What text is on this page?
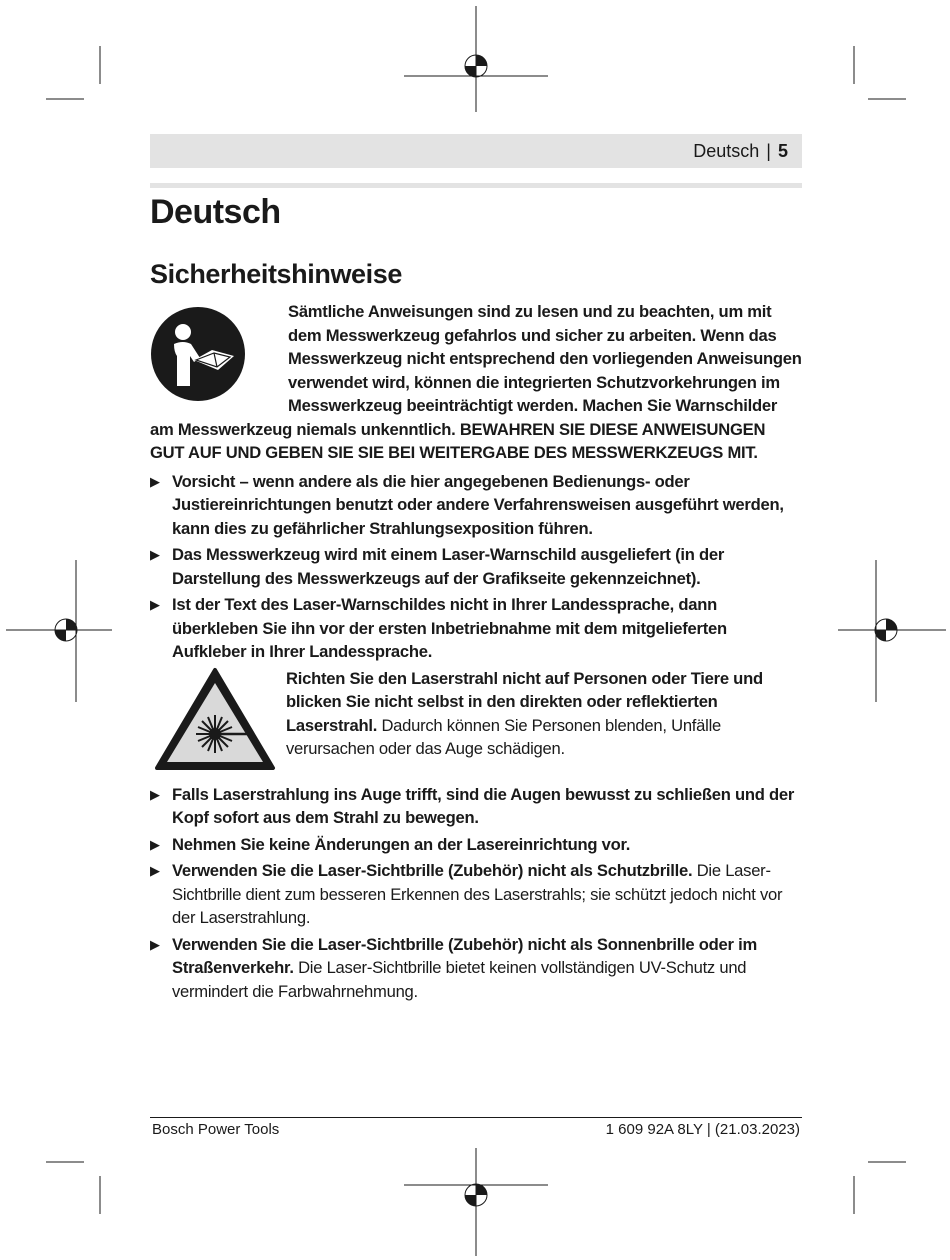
Deutsch | 5
Deutsch
Sicherheitshinweise

Sämtliche Anweisungen sind zu lesen und zu beachten, um mit dem Messwerkzeug gefahrlos und sicher zu arbeiten. Wenn das Messwerkzeug nicht entsprechend den vorliegenden Anweisungen verwendet wird, können die integrierten Schutzvorkehrungen im Messwerkzeug beeinträchtigt werden. Machen Sie Warnschilder am Messwerkzeug niemals unkenntlich. BEWAHREN SIE DIESE ANWEISUNGEN GUT AUF UND GEBEN SIE SIE BEI WEITERGABE DES MESSWERKZEUGS MIT.

▶ Vorsicht – wenn andere als die hier angegebenen Bedienungs- oder Justiereinrichtungen benutzt oder andere Verfahrensweisen ausgeführt werden, kann dies zu gefährlicher Strahlungsexposition führen.
▶ Das Messwerkzeug wird mit einem Laser-Warnschild ausgeliefert (in der Darstellung des Messwerkzeugs auf der Grafikseite gekennzeichnet).
▶ Ist der Text des Laser-Warnschildes nicht in Ihrer Landessprache, dann überkleben Sie ihn vor der ersten Inbetriebnahme mit dem mitgelieferten Aufkleber in Ihrer Landessprache.
Richten Sie den Laserstrahl nicht auf Personen oder Tiere und blicken Sie nicht selbst in den direkten oder reflektierten Laserstrahl. Dadurch können Sie Personen blenden, Unfälle verursachen oder das Auge schädigen.
▶ Falls Laserstrahlung ins Auge trifft, sind die Augen bewusst zu schließen und der Kopf sofort aus dem Strahl zu bewegen.
▶ Nehmen Sie keine Änderungen an der Lasereinrichtung vor.
▶ Verwenden Sie die Laser-Sichtbrille (Zubehör) nicht als Schutzbrille. Die Laser-Sichtbrille dient zum besseren Erkennen des Laserstrahls; sie schützt jedoch nicht vor der Laserstrahlung.
▶ Verwenden Sie die Laser-Sichtbrille (Zubehör) nicht als Sonnenbrille oder im Straßenverkehr. Die Laser-Sichtbrille bietet keinen vollständigen UV-Schutz und vermindert die Farbwahrnehmung.
Bosch Power Tools	1 609 92A 8LY | (21.03.2023)
